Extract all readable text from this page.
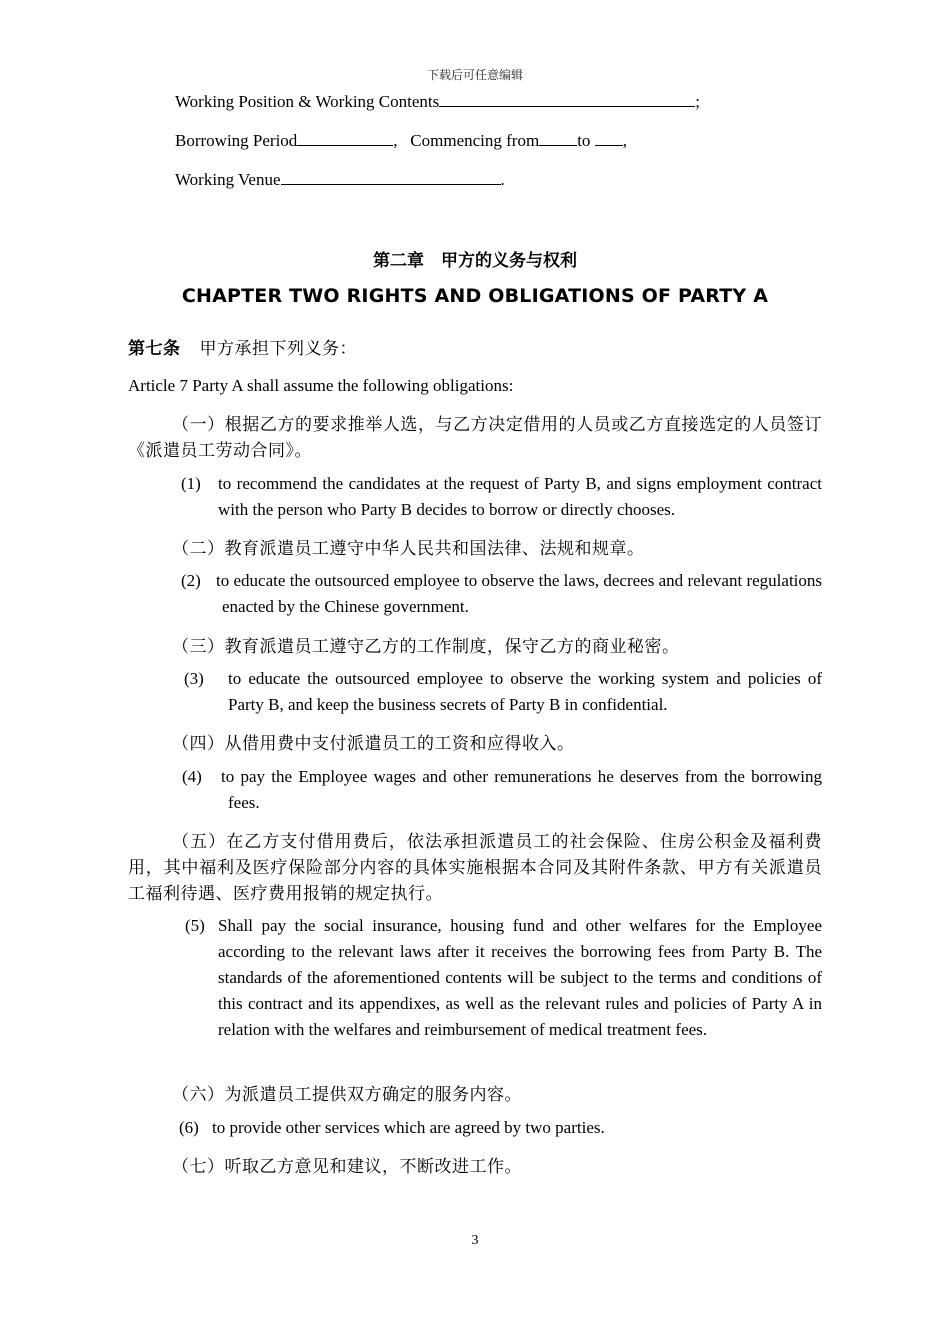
下载后可任意编辑
Working Position & Working Contents	;
Borrowing Period	, Commencing from to ,
Working Venue	.
第二章　甲方的义务与权利
CHAPTER TWO RIGHTS AND OBLIGATIONS OF PARTY A
第七条 甲方承担下列义务：
Article 7 Party A shall assume the following obligations:
（一）根据乙方的要求推举人选，与乙方决定借用的人员或乙方直接选定的人员签订《派遣员工劳动合同》。
(1) to recommend the candidates at the request of Party B, and signs employment contract with the person who Party B decides to borrow or directly chooses.
（二）教育派遣员工遵守中华人民共和国法律、法规和规章。
(2) to educate the outsourced employee to observe the laws, decrees and relevant regulations enacted by the Chinese government.
（三）教育派遣员工遵守乙方的工作制度，保守乙方的商业秘密。
(3) to educate the outsourced employee to observe the working system and policies of Party B, and keep the business secrets of Party B in confidential.
（四）从借用费中支付派遣员工的工资和应得收入。
(4) to pay the Employee wages and other remunerations he deserves from the borrowing fees.
（五）在乙方支付借用费后，依法承担派遣员工的社会保险、住房公积金及福利费用，其中福利及医疗保险部分内容的具体实施根据本合同及其附件条款、甲方有关派遣员工福利待遇、医疗费用报销的规定执行。
(5) Shall pay the social insurance, housing fund and other welfares for the Employee according to the relevant laws after it receives the borrowing fees from Party B. The standards of the aforementioned contents will be subject to the terms and conditions of this contract and its appendixes, as well as the relevant rules and policies of Party A in relation with the welfares and reimbursement of medical treatment fees.
（六）为派遣员工提供双方确定的服务内容。
(6) to provide other services which are agreed by two parties.
（七）听取乙方意见和建议，不断改进工作。
3
